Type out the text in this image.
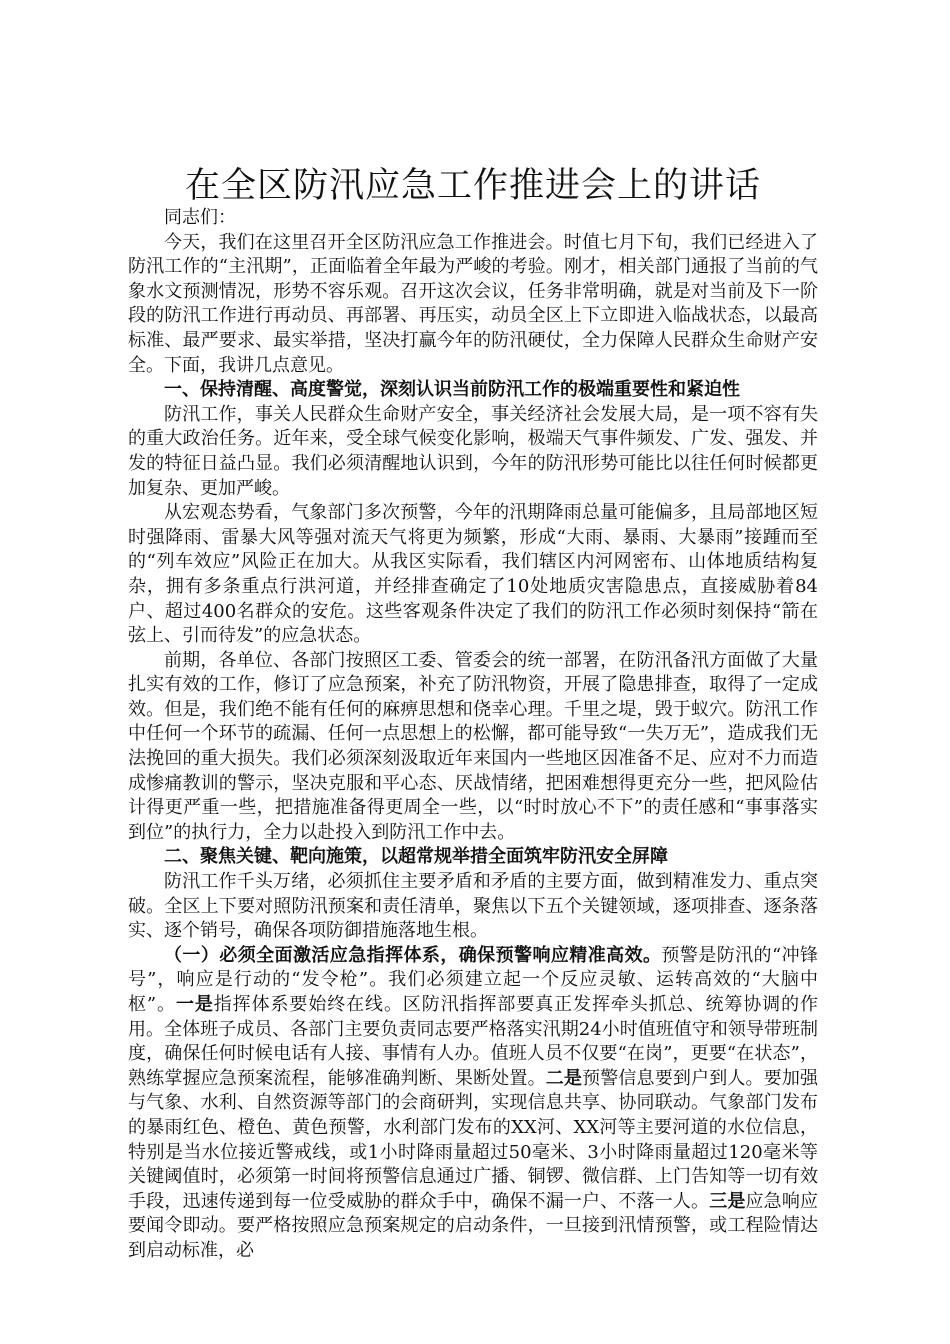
在全区防汛应急工作推进会上的讲话

同志们：

今天，我们在这里召开全区防汛应急工作推进会。时值七月下旬，我们已经进入了防汛工作的“主汛期”，正面临着全年最为严峻的考验。刚才，相关部门通报了当前的气象水文预测情况，形势不容乐观。召开这次会议，任务非常明确，就是对当前及下一阶段的防汛工作进行再动员、再部署、再压实，动员全区上下立即进入临战状态，以最高标准、最严要求、最实举措，坚决打赢今年的防汛硬仗，全力保障人民群众生命财产安全。下面，我讲几点意见。

一、保持清醒、高度警觉，深刻认识当前防汛工作的极端重要性和紧迫性

防汛工作，事关人民群众生命财产安全，事关经济社会发展大局，是一项不容有失的重大政治任务。近年来，受全球气候变化影响，极端天气事件频发、广发、强发、并发的特征日益凸显。我们必须清醒地认识到，今年的防汛形势可能比以往任何时候都更加复杂、更加严峻。

从宏观态势看，气象部门多次预警，今年的汛期降雨总量可能偏多，且局部地区短时强降雨、雷暴大风等强对流天气将更为频繁，形成“大雨、暴雨、大暴雨”接踵而至的“列车效应”风险正在加大。从我区实际看，我们辖区内河网密布、山体地质结构复杂，拥有多条重点行洪河道，并经排查确定了10处地质灾害隐患点，直接威胁着84户、超过400名群众的安危。这些客观条件决定了我们的防汛工作必须时刻保持“箭在弦上、引而待发”的应急状态。

前期，各单位、各部门按照区工委、管委会的统一部署，在防汛备汛方面做了大量扎实有效的工作，修订了应急预案，补充了防汛物资，开展了隐患排查，取得了一定成效。但是，我们绝不能有任何的麻痹思想和侥幸心理。千里之堤，毁于蚁穴。防汛工作中任何一个环节的疏漏、任何一点思想上的松懈，都可能导致“一失万无”，造成我们无法挽回的重大损失。我们必须深刻汲取近年来国内一些地区因准备不足、应对不力而造成惨痛教训的警示，坚决克服和平心态、厌战情绪，把困难想得更充分一些，把风险估计得更严重一些，把措施准备得更周全一些，以“时时放心不下”的责任感和“事事落实到位”的执行力，全力以赴投入到防汛工作中去。

二、聚焦关键、靶向施策，以超常规举措全面筑牢防汛安全屏障

防汛工作千头万绪，必须抓住主要矛盾和矛盾的主要方面，做到精准发力、重点突破。全区上下要对照防汛预案和责任清单，聚焦以下五个关键领域，逐项排查、逐条落实、逐个销号，确保各项防御措施落地生根。

（一）必须全面激活应急指挥体系，确保预警响应精准高效。预警是防汛的“冲锋号”，响应是行动的“发令枪”。我们必须建立起一个反应灵敏、运转高效的“大脑中枢”。一是指挥体系要始终在线。区防汛指挥部要真正发挥牵头抓总、统筹协调的作用。全体班子成员、各部门主要负责同志要严格落实汛期24小时值班值守和领导带班制度，确保任何时候电话有人接、事情有人办。值班人员不仅要“在岗”，更要“在状态”，熟练掌握应急预案流程，能够准确判断、果断处置。二是预警信息要到户到人。要加强与气象、水利、自然资源等部门的会商研判，实现信息共享、协同联动。气象部门发布的暴雨红色、橙色、黄色预警，水利部门发布的XX河、XX河等主要河道的水位信息，特别是当水位接近警戒线，或1小时降雨量超过50毫米、3小时降雨量超过120毫米等关键阈值时，必须第一时间将预警信息通过广播、铜锣、微信群、上门告知等一切有效手段，迅速传递到每一位受威胁的群众手中，确保不漏一户、不落一人。三是应急响应要闻令即动。要严格按照应急预案规定的启动条件，一旦接到汛情预警，或工程险情达到启动标准，必
